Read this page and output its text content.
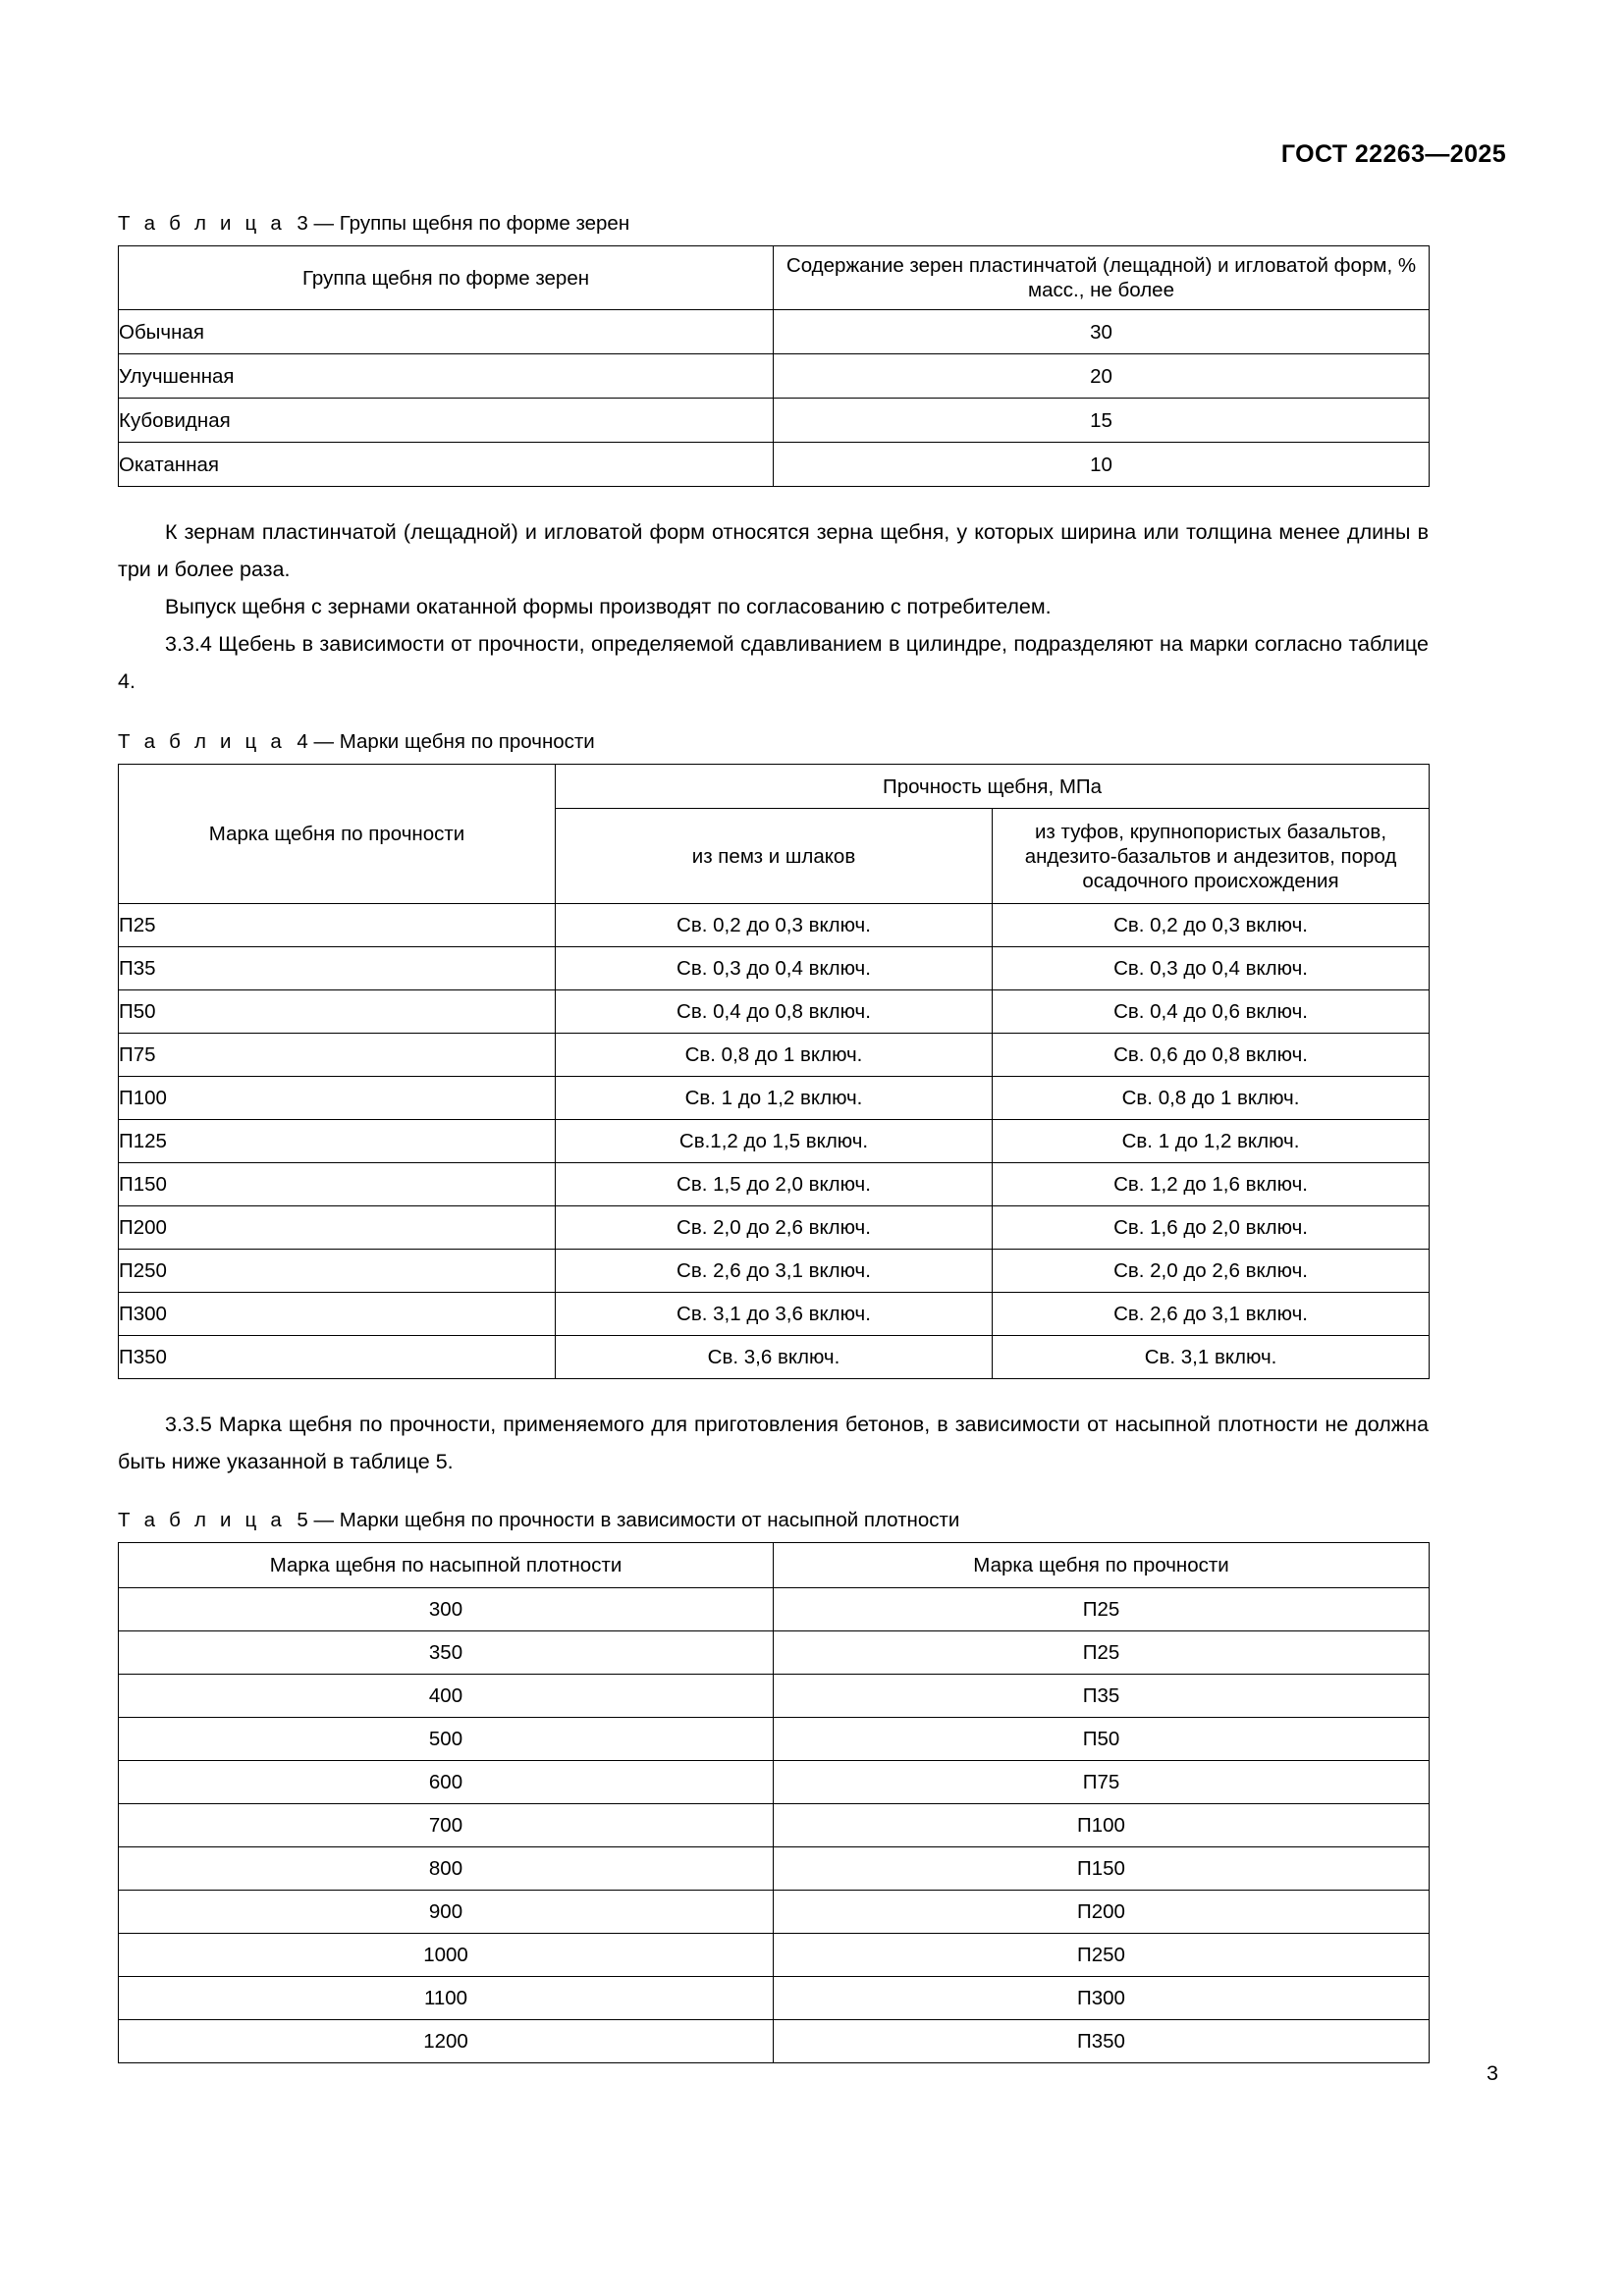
ГОСТ 22263—2025
Т а б л и ц а 3 — Группы щебня по форме зерен
Группа щебня по форме зерен	Содержание зерен пластинчатой (лещадной) и игловатой форм, % масс., не более
Обычная	30
Улучшенная	20
Кубовидная	15
Окатанная	10

К зернам пластинчатой (лещадной) и игловатой форм относятся зерна щебня, у которых ширина или толщина менее длины в три и более раза.

Выпуск щебня с зернами окатанной формы производят по согласованию с потребителем.

3.3.4 Щебень в зависимости от прочности, определяемой сдавливанием в цилиндре, подразделяют на марки согласно таблице 4.

Т а б л и ц а 4 — Марки щебня по прочности
Марка щебня по прочности	Прочность щебня, МПа	
	из пемз и шлаков	из туфов, крупнопористых базальтов, андезито-базальтов и андезитов, пород осадочного происхождения
П25	Св. 0,2 до 0,3 включ.	Св. 0,2 до 0,3 включ.
П35	Св. 0,3 до 0,4 включ.	Св. 0,3 до 0,4 включ.
П50	Св. 0,4 до 0,8 включ.	Св. 0,4 до 0,6 включ.
П75	Св. 0,8 до 1 включ.	Св. 0,6 до 0,8 включ.
П100	Св. 1 до 1,2 включ.	Св. 0,8 до 1 включ.
П125	Св.1,2 до 1,5 включ.	Св. 1 до 1,2 включ.
П150	Св. 1,5 до 2,0 включ.	Св. 1,2 до 1,6 включ.
П200	Св. 2,0 до 2,6 включ.	Св. 1,6 до 2,0 включ.
П250	Св. 2,6 до 3,1 включ.	Св. 2,0 до 2,6 включ.
П300	Св. 3,1 до 3,6 включ.	Св. 2,6 до 3,1 включ.
П350	Св. 3,6 включ.	Св. 3,1 включ.

3.3.5 Марка щебня по прочности, применяемого для приготовления бетонов, в зависимости от насыпной плотности не должна быть ниже указанной в таблице 5.

Т а б л и ц а 5 — Марки щебня по прочности в зависимости от насыпной плотности
Марка щебня по насыпной плотности	Марка щебня по прочности
300	П25
350	П25
400	П35
500	П50
600	П75
700	П100
800	П150
900	П200
1000	П250
1100	П300
1200	П350
3
